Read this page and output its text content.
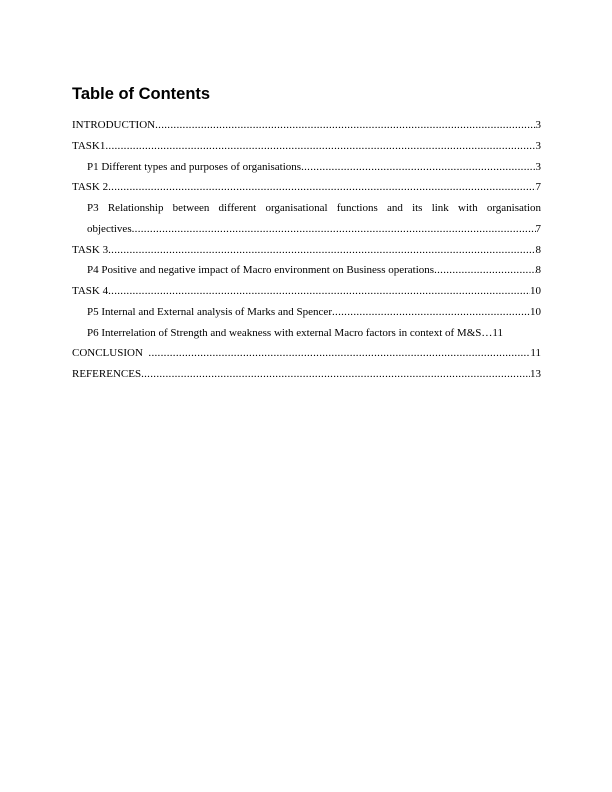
Table of Contents
INTRODUCTION .....	3
TASK1 .....	3
P1 Different types and purposes of organisations .....	3
TASK 2 .....	7
P3 Relationship between different organisational functions and its link with organisation
objectives .....	7
TASK 3 .....	8
P4 Positive and negative impact of Macro environment on Business operations .....	8
TASK 4 .....	10
P5 Internal and External analysis of Marks and Spencer .....	10
P6 Interrelation of Strength and weakness with external Macro factors in context of M&S… 11
CONCLUSION .....	11
REFERENCES .....	13
